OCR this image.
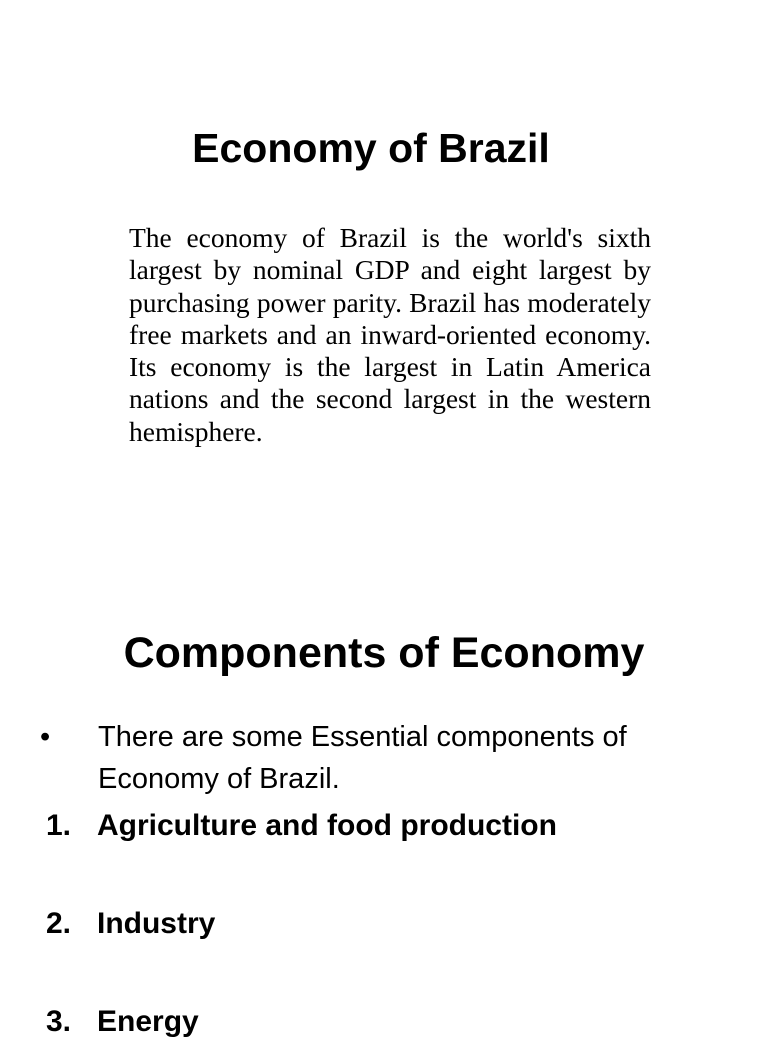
Economy of Brazil

The economy of Brazil is the world's sixth largest by nominal GDP and eight largest by purchasing power parity. Brazil has moderately free markets and an inward-oriented economy. Its economy is the largest in Latin America nations and the second largest in the western hemisphere.

Components of Economy
•	There are some Essential components of Economy of Brazil.
1. Agriculture and food production
2. Industry
3. Energy
